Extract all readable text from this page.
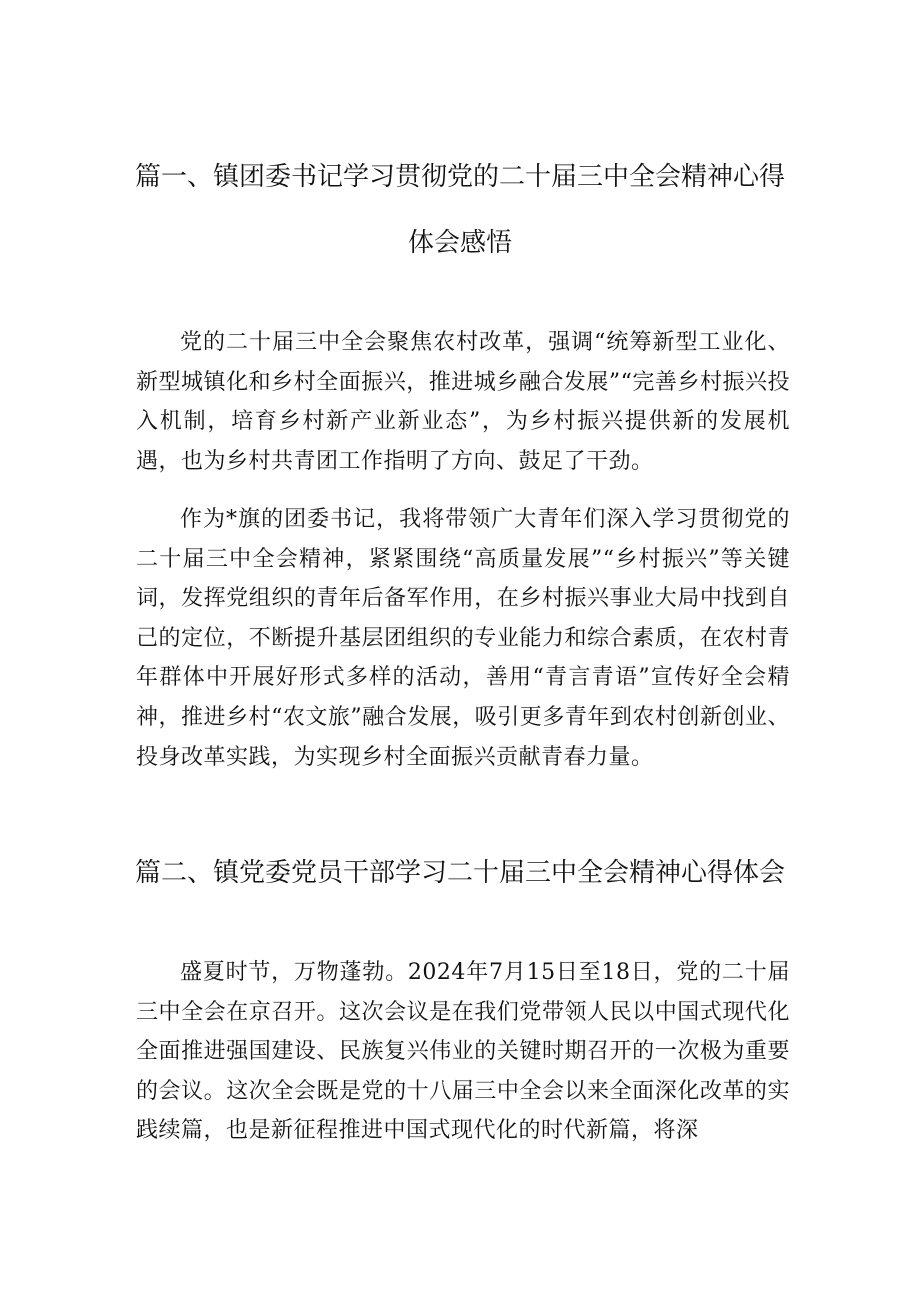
篇一、镇团委书记学习贯彻党的二十届三中全会精神心得
体会感悟

党的二十届三中全会聚焦农村改革，强调“统筹新型工业化、新型城镇化和乡村全面振兴，推进城乡融合发展”“完善乡村振兴投入机制，培育乡村新产业新业态”，为乡村振兴提供新的发展机遇，也为乡村共青团工作指明了方向、鼓足了干劲。

作为*旗的团委书记，我将带领广大青年们深入学习贯彻党的二十届三中全会精神，紧紧围绕“高质量发展”“乡村振兴”等关键词，发挥党组织的青年后备军作用，在乡村振兴事业大局中找到自己的定位，不断提升基层团组织的专业能力和综合素质，在农村青年群体中开展好形式多样的活动，善用“青言青语”宣传好全会精神，推进乡村“农文旅”融合发展，吸引更多青年到农村创新创业、投身改革实践，为实现乡村全面振兴贡献青春力量。

篇二、镇党委党员干部学习二十届三中全会精神心得体会

盛夏时节，万物蓬勃。2024年7月15日至18日，党的二十届三中全会在京召开。这次会议是在我们党带领人民以中国式现代化全面推进强国建设、民族复兴伟业的关键时期召开的一次极为重要的会议。这次全会既是党的十八届三中全会以来全面深化改革的实践续篇，也是新征程推进中国式现代化的时代新篇，将深
